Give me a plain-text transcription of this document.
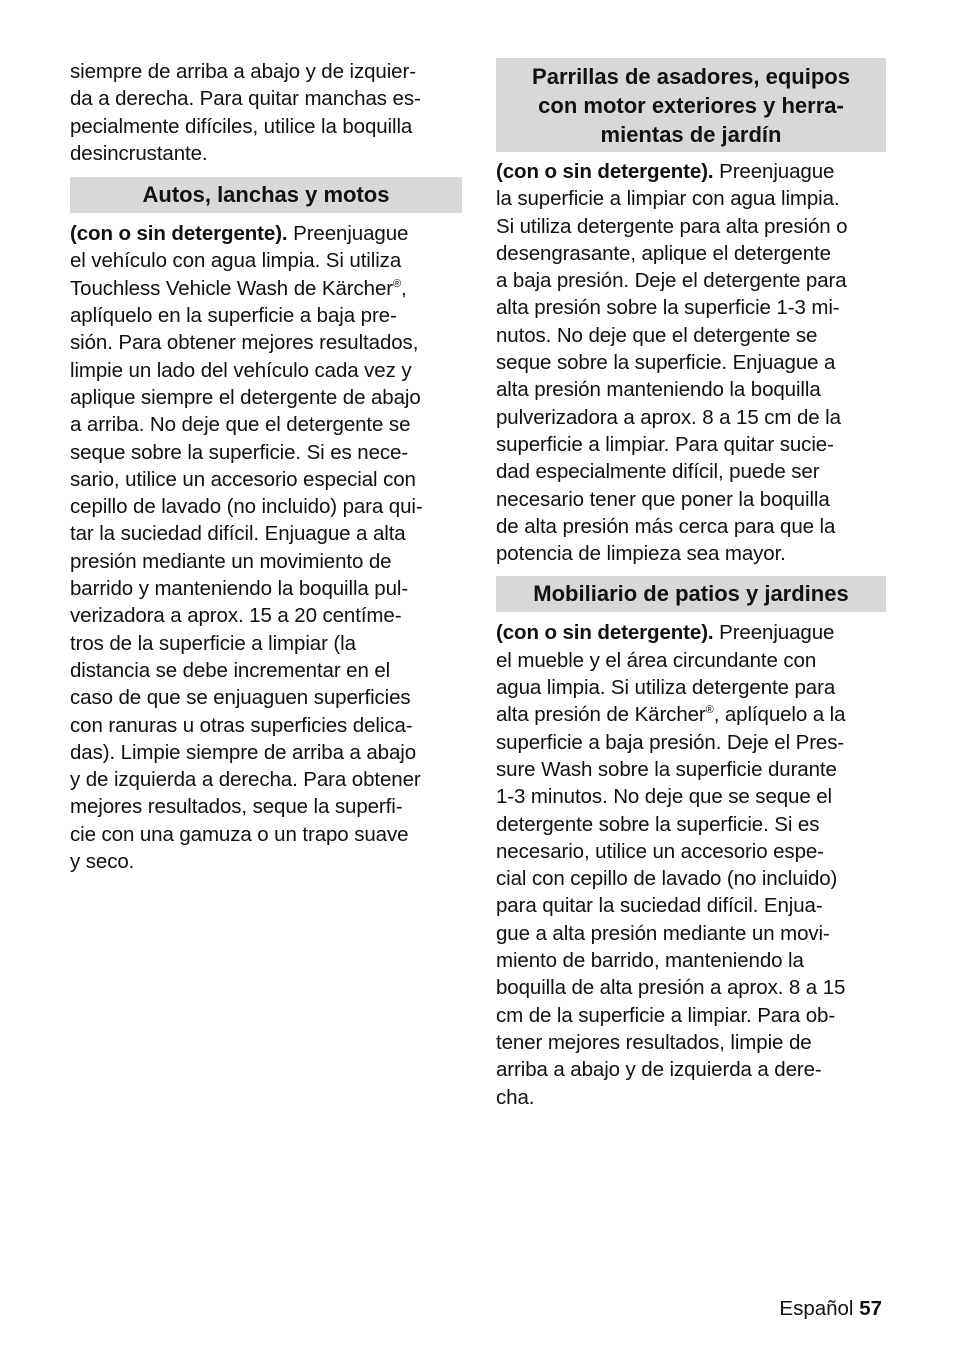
siempre de arriba a abajo y de izquier-
da a derecha. Para quitar manchas es-
pecialmente difíciles, utilice la boquilla
desincrustante.
Autos, lanchas y motos
(con o sin detergente). Preenjuague
el vehículo con agua limpia. Si utiliza
Touchless Vehicle Wash de Kärcher®,
aplíquelo en la superficie a baja pre-
sión. Para obtener mejores resultados,
limpie un lado del vehículo cada vez y
aplique siempre el detergente de abajo
a arriba. No deje que el detergente se
seque sobre la superficie. Si es nece-
sario, utilice un accesorio especial con
cepillo de lavado (no incluido) para qui-
tar la suciedad difícil. Enjuague a alta
presión mediante un movimiento de
barrido y manteniendo la boquilla pul-
verizadora a aprox. 15 a 20 centíme-
tros de la superficie a limpiar (la
distancia se debe incrementar en el
caso de que se enjuaguen superficies
con ranuras u otras superficies delica-
das). Limpie siempre de arriba a abajo
y de izquierda a derecha. Para obtener
mejores resultados, seque la superfi-
cie con una gamuza o un trapo suave
y seco.
Parrillas de asadores, equipos
con motor exteriores y herra-
mientas de jardín
(con o sin detergente). Preenjuague
la superficie a limpiar con agua limpia.
Si utiliza detergente para alta presión o
desengrasante, aplique el detergente
a baja presión. Deje el detergente para
alta presión sobre la superficie 1-3 mi-
nutos. No deje que el detergente se
seque sobre la superficie. Enjuague a
alta presión manteniendo la boquilla
pulverizadora a aprox. 8 a 15 cm de la
superficie a limpiar. Para quitar sucie-
dad especialmente difícil, puede ser
necesario tener que poner la boquilla
de alta presión más cerca para que la
potencia de limpieza sea mayor.
Mobiliario de patios y jardines
(con o sin detergente). Preenjuague
el mueble y el área circundante con
agua limpia. Si utiliza detergente para
alta presión de Kärcher®, aplíquelo a la
superficie a baja presión. Deje el Pres-
sure Wash sobre la superficie durante
1-3 minutos. No deje que se seque el
detergente sobre la superficie. Si es
necesario, utilice un accesorio espe-
cial con cepillo de lavado (no incluido)
para quitar la suciedad difícil. Enjua-
gue a alta presión mediante un movi-
miento de barrido, manteniendo la
boquilla de alta presión a aprox. 8 a 15
cm de la superficie a limpiar. Para ob-
tener mejores resultados, limpie de
arriba a abajo y de izquierda a dere-
cha.
Español 57
